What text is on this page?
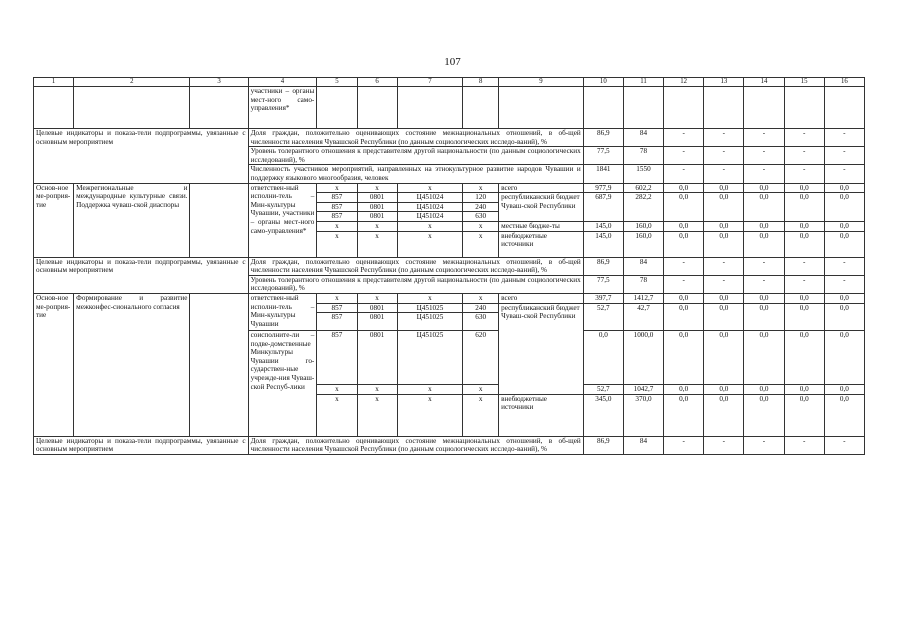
107
1	2	3	4	5	6	7	8	9	10	11	12	13	14	15	16
			участники – органы мест-ного само-управления*												
Целевые индикаторы и показа-тели подпрограммы, увязанные с основным мероприятием			Доля граждан, положительно оценивающих состояние межнациональных отношений, в об-щей численности населения Чувашской Республики (по данным социологических исследо-ваний), %						86,9	84	-	-	-	-	-
			Уровень толерантного отношения к представителям другой национальности (по данным социологических исследований), %						77,5	78	-	-	-	-	-
			Численность участников мероприятий, направленных на этнокультурное развитие народов Чувашии и поддержку языкового многообразия, человек						1841	1550	-	-	-	-	-
Основ-ное ме-роприя-тие	Межрегиональные и международные культурные связи. Поддержка чуваш-ской диаспоры		ответствен-ный исполни-тель – Мин-культуры Чувашии, участники – органы мест-ного само-управления*	х	х	х	х	всего	977,9	602,2	0,0	0,0	0,0	0,0	0,0
				857	0801	Ц451024	120	республиканский бюджет Чуваш-ской Республики	687,9	282,2	0,0	0,0	0,0	0,0	0,0
				857	0801	Ц451024	240								
				857	0801	Ц451024	630								
				х	х	х	х	местные бюдже-ты	145,0	160,0	0,0	0,0	0,0	0,0	0,0
				х	х	х	х	внебюджетные источники	145,0	160,0	0,0	0,0	0,0	0,0	0,0
Целевые индикаторы и показа-тели подпрограммы, увязанные с основным мероприятием			Доля граждан, положительно оценивающих состояние межнациональных отношений, в об-щей численности населения Чувашской Республики (по данным социологических исследо-ваний), %						86,9	84	-	-	-	-	-
			Уровень толерантного отношения к представителям другой национальности (по данным социологических исследований), %						77,5	78	-	-	-	-	-
Основ-ное ме-роприя-тие	Формирование и развитие межконфес-сионального согласия		ответствен-ный исполни-тель – Мин-культуры Чувашии	х	х	х	х	всего	397,7	1412,7	0,0	0,0	0,0	0,0	0,0
				857	0801	Ц451025	240	республиканский бюджет Чуваш-ской Республики	52,7	42,7	0,0	0,0	0,0	0,0	0,0
				857	0801	Ц451025	630								
			соисполните-ли – подве-домственные Минкультуры Чувашии го-сударствен-ные учрежде-ния Чуваш-ской Респуб-лики	857	0801	Ц451025	620		0,0	1000,0	0,0	0,0	0,0	0,0	0,0
				х	х	х	х		52,7	1042,7	0,0	0,0	0,0	0,0	0,0
				х	х	х	х	внебюджетные источники	345,0	370,0	0,0	0,0	0,0	0,0	0,0
Целевые индикаторы и показа-тели подпрограммы, увязанные с основным мероприятием			Доля граждан, положительно оценивающих состояние межнациональных отношений, в об-щей численности населения Чувашской Республики (по данным социологических исследо-ваний), %						86,9	84	-	-	-	-	-
